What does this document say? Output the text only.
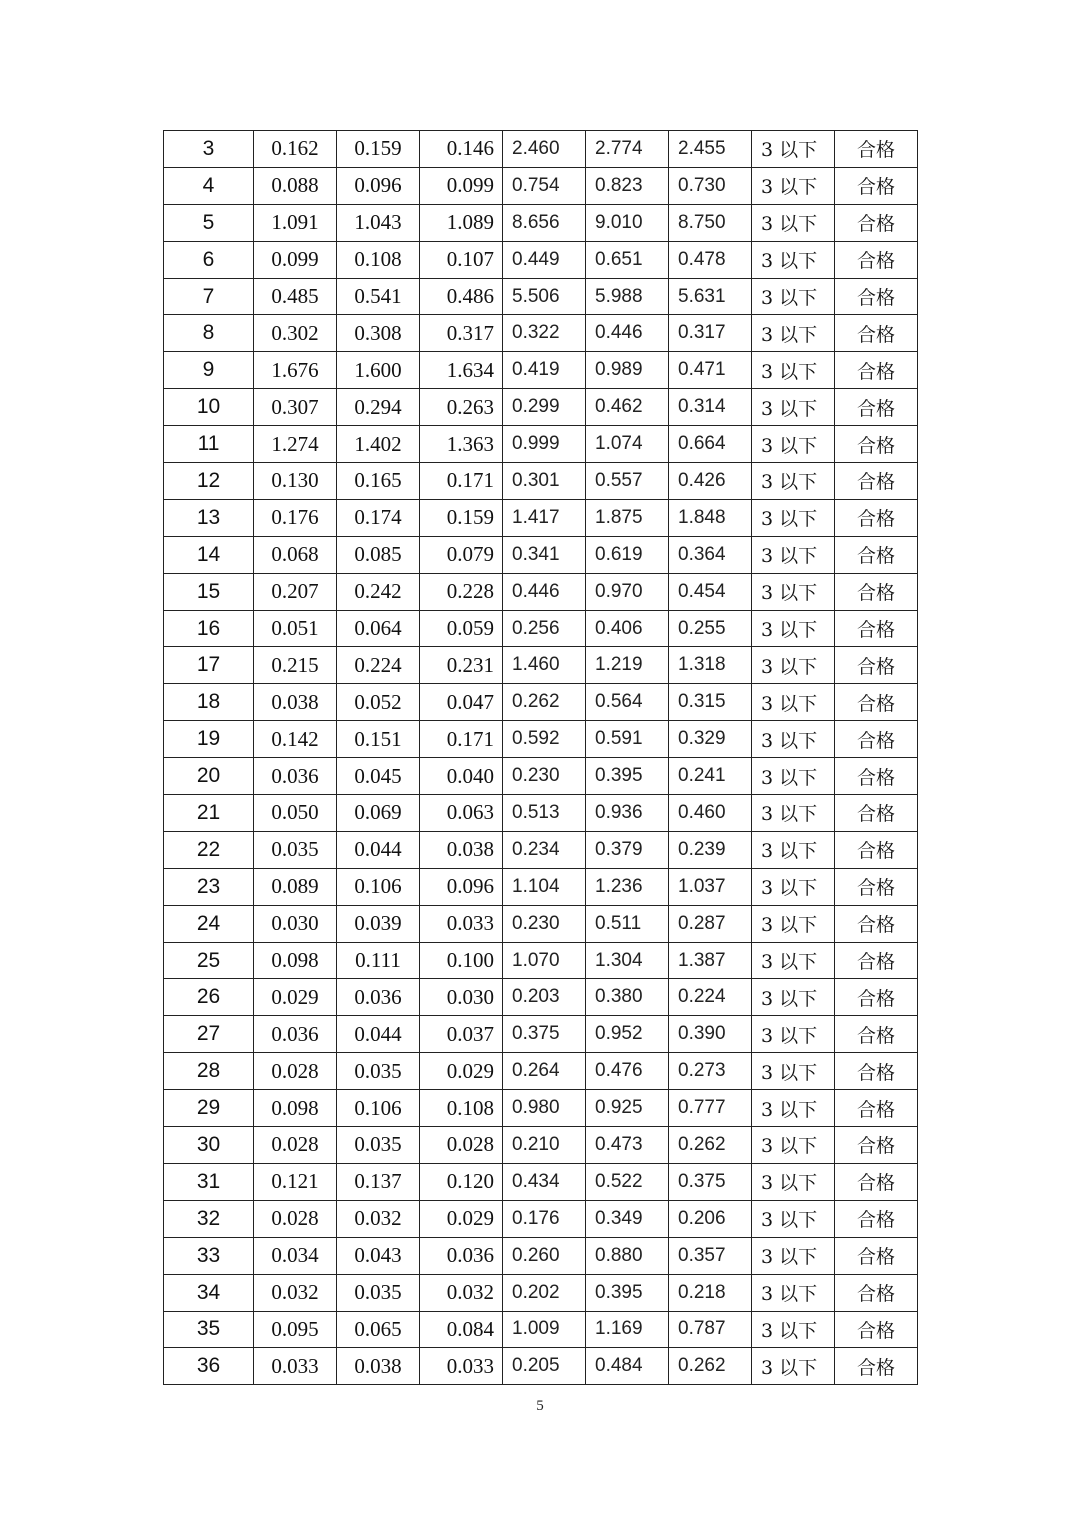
3	0.162	0.159	0.146	2.460	2.774	2.455	3 以下	合格
4	0.088	0.096	0.099	0.754	0.823	0.730	3 以下	合格
5	1.091	1.043	1.089	8.656	9.010	8.750	3 以下	合格
6	0.099	0.108	0.107	0.449	0.651	0.478	3 以下	合格
7	0.485	0.541	0.486	5.506	5.988	5.631	3 以下	合格
8	0.302	0.308	0.317	0.322	0.446	0.317	3 以下	合格
9	1.676	1.600	1.634	0.419	0.989	0.471	3 以下	合格
10	0.307	0.294	0.263	0.299	0.462	0.314	3 以下	合格
11	1.274	1.402	1.363	0.999	1.074	0.664	3 以下	合格
12	0.130	0.165	0.171	0.301	0.557	0.426	3 以下	合格
13	0.176	0.174	0.159	1.417	1.875	1.848	3 以下	合格
14	0.068	0.085	0.079	0.341	0.619	0.364	3 以下	合格
15	0.207	0.242	0.228	0.446	0.970	0.454	3 以下	合格
16	0.051	0.064	0.059	0.256	0.406	0.255	3 以下	合格
17	0.215	0.224	0.231	1.460	1.219	1.318	3 以下	合格
18	0.038	0.052	0.047	0.262	0.564	0.315	3 以下	合格
19	0.142	0.151	0.171	0.592	0.591	0.329	3 以下	合格
20	0.036	0.045	0.040	0.230	0.395	0.241	3 以下	合格
21	0.050	0.069	0.063	0.513	0.936	0.460	3 以下	合格
22	0.035	0.044	0.038	0.234	0.379	0.239	3 以下	合格
23	0.089	0.106	0.096	1.104	1.236	1.037	3 以下	合格
24	0.030	0.039	0.033	0.230	0.511	0.287	3 以下	合格
25	0.098	0.111	0.100	1.070	1.304	1.387	3 以下	合格
26	0.029	0.036	0.030	0.203	0.380	0.224	3 以下	合格
27	0.036	0.044	0.037	0.375	0.952	0.390	3 以下	合格
28	0.028	0.035	0.029	0.264	0.476	0.273	3 以下	合格
29	0.098	0.106	0.108	0.980	0.925	0.777	3 以下	合格
30	0.028	0.035	0.028	0.210	0.473	0.262	3 以下	合格
31	0.121	0.137	0.120	0.434	0.522	0.375	3 以下	合格
32	0.028	0.032	0.029	0.176	0.349	0.206	3 以下	合格
33	0.034	0.043	0.036	0.260	0.880	0.357	3 以下	合格
34	0.032	0.035	0.032	0.202	0.395	0.218	3 以下	合格
35	0.095	0.065	0.084	1.009	1.169	0.787	3 以下	合格
36	0.033	0.038	0.033	0.205	0.484	0.262	3 以下	合格
5
